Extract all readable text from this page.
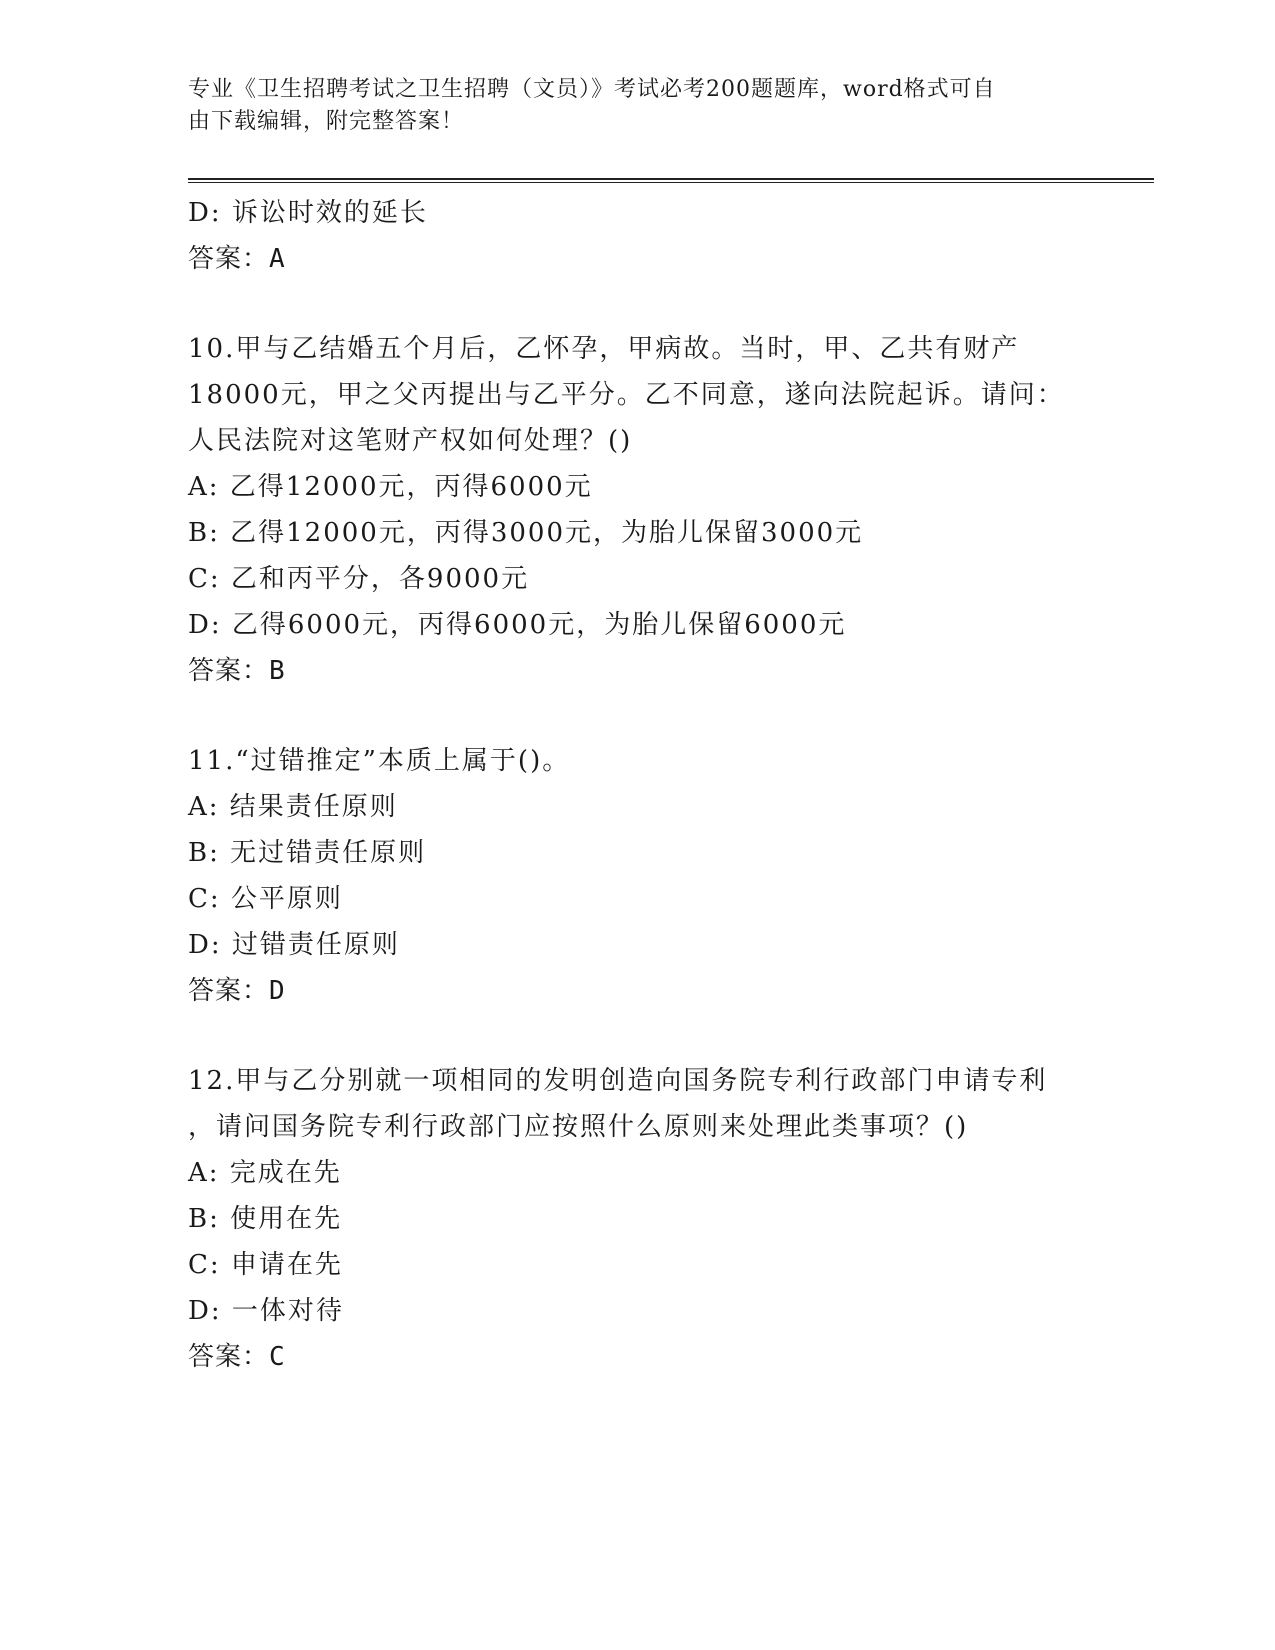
专业《卫生招聘考试之卫生招聘（文员）》考试必考200题题库，word格式可自
由下载编辑，附完整答案！
D: 诉讼时效的延长
答案：A
10.甲与乙结婚五个月后，乙怀孕，甲病故。当时，甲、乙共有财产
18000元，甲之父丙提出与乙平分。乙不同意，遂向法院起诉。请问：
人民法院对这笔财产权如何处理？()
A: 乙得12000元，丙得6000元
B: 乙得12000元，丙得3000元，为胎儿保留3000元
C: 乙和丙平分，各9000元
D: 乙得6000元，丙得6000元，为胎儿保留6000元
答案：B
11.“过错推定”本质上属于()。
A: 结果责任原则
B: 无过错责任原则
C: 公平原则
D: 过错责任原则
答案：D
12.甲与乙分别就一项相同的发明创造向国务院专利行政部门申请专利
，请问国务院专利行政部门应按照什么原则来处理此类事项？()
A: 完成在先
B: 使用在先
C: 申请在先
D: 一体对待
答案：C
